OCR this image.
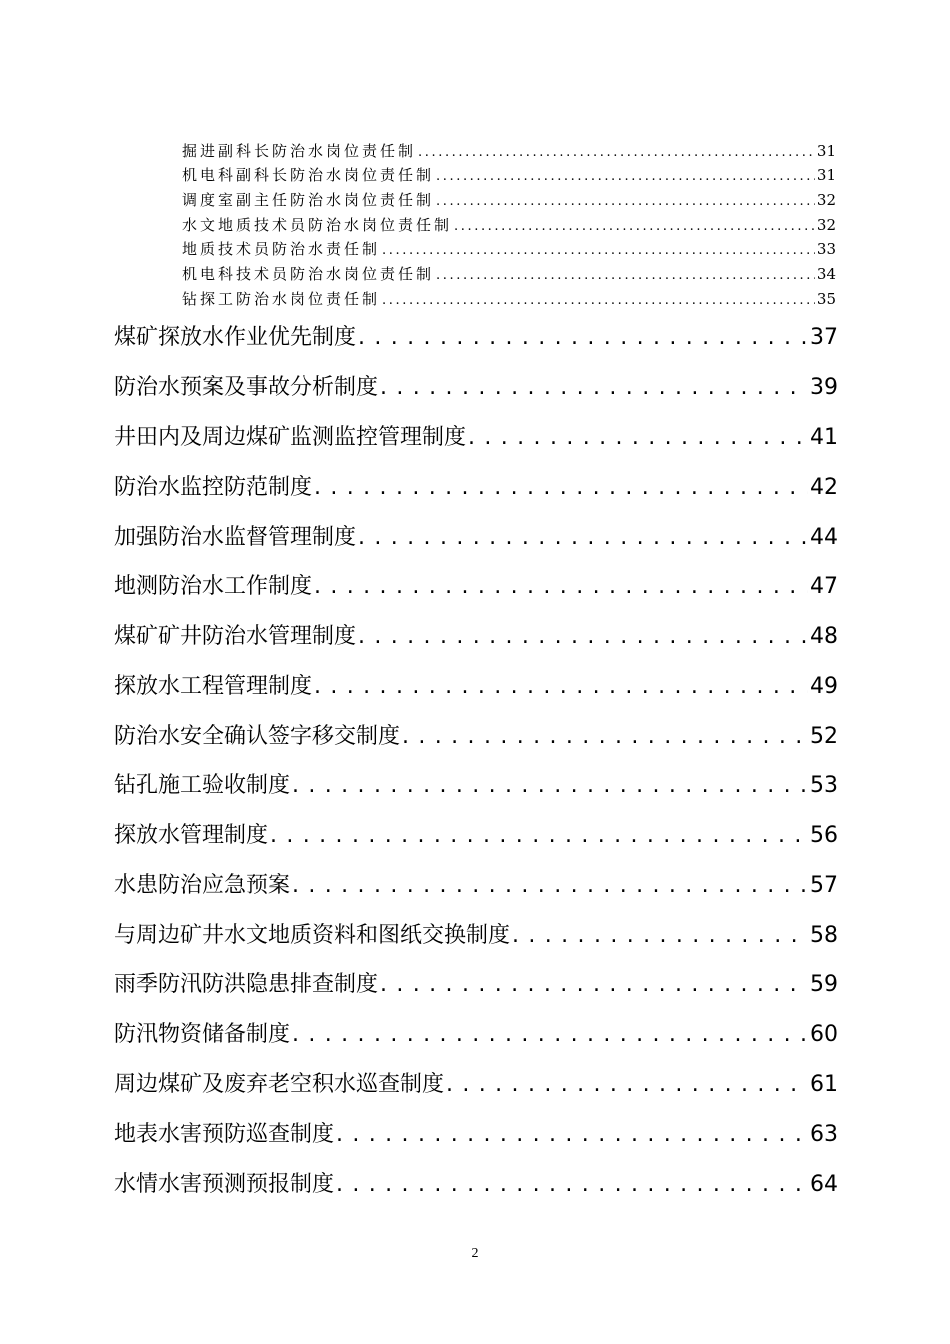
掘进副科长防治水岗位责任制 .....	31
机电科副科长防治水岗位责任制 .....	31
调度室副主任防治水岗位责任制 .....	32
水文地质技术员防治水岗位责任制 .....	32
地质技术员防治水责任制 .....	33
机电科技术员防治水岗位责任制 .....	34
钻探工防治水岗位责任制 .....	35
煤矿探放水作业优先制度 . . .	37
防治水预案及事故分析制度 . . .	39
井田内及周边煤矿监测监控管理制度 . . .	41
防治水监控防范制度 . . .	42
加强防治水监督管理制度 . . .	44
地测防治水工作制度 . . .	47
煤矿矿井防治水管理制度 . . .	48
探放水工程管理制度 . . .	49
防治水安全确认签字移交制度 . . .	52
钻孔施工验收制度 . . .	53
探放水管理制度 . . .	56
水患防治应急预案 . . .	57
与周边矿井水文地质资料和图纸交换制度 . . .	58
雨季防汛防洪隐患排查制度 . . .	59
防汛物资储备制度 . . .	60
周边煤矿及废弃老空积水巡查制度 . . .	61
地表水害预防巡查制度 . . .	63
水情水害预测预报制度 . . .	64
2
